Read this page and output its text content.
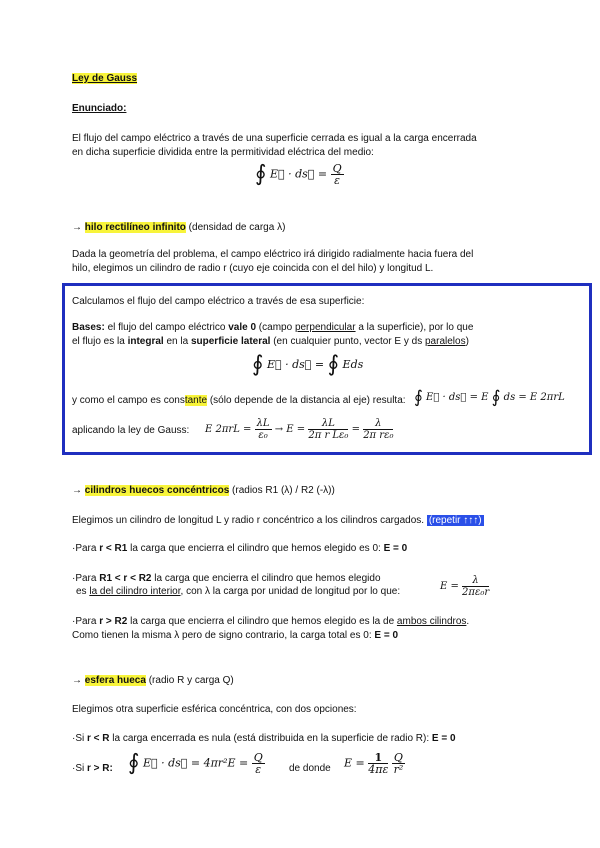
Ley de Gauss
Enunciado:
El flujo del campo eléctrico a través de una superficie cerrada es igual a la carga encerrada
en dicha superficie dividida entre la permitividad eléctrica del medio:
∮ E⃗ · ds⃗ = $\frac{Q}{\varepsilon}$
→ hilo rectilíneo infinito (densidad de carga λ)
Dada la geometría del problema, el campo eléctrico irá dirigido radialmente hacia fuera del
hilo, elegimos un cilindro de radio r (cuyo eje coincida con el del hilo) y longitud L.
Calculamos el flujo del campo eléctrico a través de esa superficie:
Bases: el flujo del campo eléctrico vale 0 (campo perpendicular a la superficie), por lo que
el flujo es la integral en la superficie lateral (en cualquier punto, vector E y ds paralelos)
∮ E⃗ · ds⃗ = ∮ Eds
y como el campo es constante (sólo depende de la distancia al eje) resulta: ∮ E⃗ · ds⃗ = E ∮ ds = E 2πrL
aplicando la ley de Gauss: E $2\pi rL = \frac{\lambda L}{\text{ε₀}} \to E = \frac{\lambda L}{\text{2π r Lε₀}} = \frac{\lambda}{\text{2π rε₀}}$
→ cilindros huecos concéntricos (radios R1 (λ) / R2 (-λ))
Elegimos un cilindro de longitud L y radio r concéntrico a los cilindros cargados. (repetir ↑↑↑)
·Para r < R1 la carga que encierra el cilindro que hemos elegido es 0: E = 0
·Para R1 < r < R2 la carga que encierra el cilindro que hemos elegido
es la del cilindro interior, con λ la carga por unidad de longitud por lo que:	$E = \frac{\lambda}{\text{2πε₀r}}$
·Para r > R2 la carga que encierra el cilindro que hemos elegido es la de ambos cilindros.
Como tienen la misma λ pero de signo contrario, la carga total es 0: E = 0
→ esfera hueca (radio R y carga Q)
Elegimos otra superficie esférica concéntrica, con dos opciones:
·Si r < R la carga encerrada es nula (está distribuida en la superficie de radio R): E = 0
·Si r > R: ∮ E⃗ · ds⃗ = $4\pi r^2E = \frac{Q}{\varepsilon}$ de donde $E = \frac{1}{4\pi\varepsilon}$
$\frac{Q}{\text{r²}}$
